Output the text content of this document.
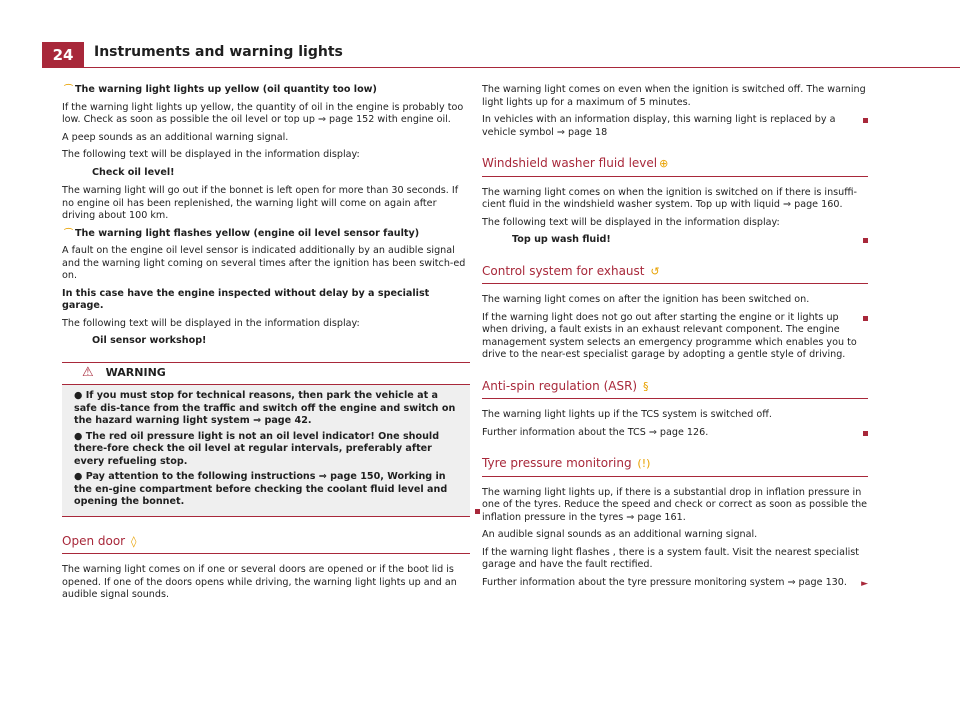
24	Instruments and warning lights

⌒ The warning light lights up yellow (oil quantity too low)

If the warning light lights up yellow, the quantity of oil in the engine is probably too low. Check as soon as possible the oil level or top up ⇒ page 152 with engine oil.

A peep sounds as an additional warning signal.

The following text will be displayed in the information display:

Check oil level!

The warning light will go out if the bonnet is left open for more than 30 seconds. If no engine oil has been replenished, the warning light will come on again after driving about 100 km.

⌒ The warning light flashes yellow (engine oil level sensor faulty)

A fault on the engine oil level sensor is indicated additionally by an audible signal and the warning light coming on several times after the ignition has been switch-ed on.

In this case have the engine inspected without delay by a specialist garage.

The following text will be displayed in the information display:

Oil sensor workshop!

⚠ WARNING

● If you must stop for technical reasons, then park the vehicle at a safe dis-tance from the traffic and switch off the engine and switch on the hazard warning light system ⇒ page 42.

● The red oil pressure light is not an oil level indicator! One should there-fore check the oil level at regular intervals, preferably after every refueling stop.

● Pay attention to the following instructions ⇒ page 150, Working in the en-gine compartment before checking the coolant fluid level and opening the bonnet.

Open door ◊

The warning light comes on if one or several doors are opened or if the boot lid is opened. If one of the doors opens while driving, the warning light lights up and an audible signal sounds.

The warning light comes on even when the ignition is switched off. The warning light lights up for a maximum of 5 minutes.

In vehicles with an information display, this warning light is replaced by a vehicle symbol ⇒ page 18

Windshield washer fluid level ⊕

The warning light comes on when the ignition is switched on if there is insuffi-cient fluid in the windshield washer system. Top up with liquid ⇒ page 160.

The following text will be displayed in the information display:

Top up wash fluid!

Control system for exhaust ↺

The warning light comes on after the ignition has been switched on.

If the warning light does not go out after starting the engine or it lights up when driving, a fault exists in an exhaust relevant component. The engine management system selects an emergency programme which enables you to drive to the near-est specialist garage by adopting a gentle style of driving.

Anti-spin regulation (ASR) §

The warning light lights up if the TCS system is switched off.

Further information about the TCS ⇒ page 126.

Tyre pressure monitoring (!)

The warning light lights up, if there is a substantial drop in inflation pressure in one of the tyres. Reduce the speed and check or correct as soon as possible the inflation pressure in the tyres ⇒ page 161.

An audible signal sounds as an additional warning signal.

If the warning light flashes , there is a system fault. Visit the nearest specialist garage and have the fault rectified.

►
Further information about the tyre pressure monitoring system ⇒ page 130.
